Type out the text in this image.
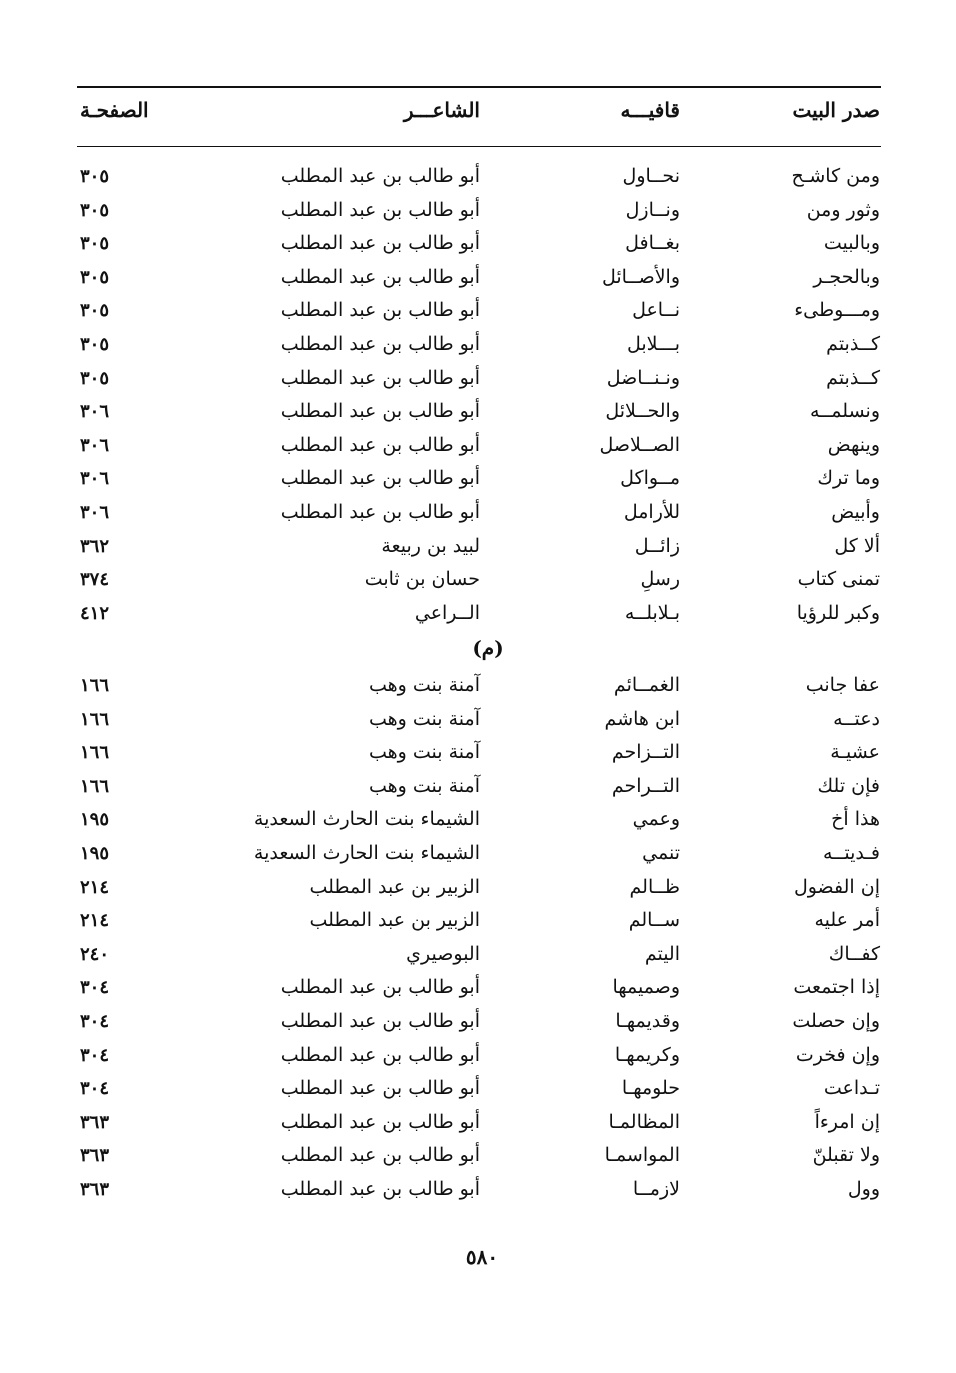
صدر البيت
قافيـــه
الشاعـــر
الصفحـة
ومن كاشـح
نحــاول
أبو طالب بن عبد المطلب
٣٠٥
وثور ومن
ونــازل
أبو طالب بن عبد المطلب
٣٠٥
وبالبيت
بغــافل
أبو طالب بن عبد المطلب
٣٠٥
وبالحجـر
والأصــائل
أبو طالب بن عبد المطلب
٣٠٥
ومـــوطىء
نــاعل
أبو طالب بن عبد المطلب
٣٠٥
كــذبتم
بـــلابل
أبو طالب بن عبد المطلب
٣٠٥
كــذبتم
ونـنــاضل
أبو طالب بن عبد المطلب
٣٠٥
ونسلمــه
والحــلائل
أبو طالب بن عبد المطلب
٣٠٦
وينهض
الصــلاصل
أبو طالب بن عبد المطلب
٣٠٦
وما ترك
مــواكل
أبو طالب بن عبد المطلب
٣٠٦
وأبيض
للأرامل
أبو طالب بن عبد المطلب
٣٠٦
ألا كل
زائــل
لبيد بن ربيعة
٣٦٢
تمنى كتاب
رسلِ
حسان بن ثابت
٣٧٤
وكبر للرؤيا
بـلابلــه
الــراعي
٤١٢
عفا جانب
الغمــائم
آمنة بنت وهب
١٦٦
دعتــه
ابن هاشم
آمنة بنت وهب
١٦٦
عشيـة
التــزاحم
آمنة بنت وهب
١٦٦
فإن تلك
التــراحم
آمنة بنت وهب
١٦٦
هذا أخ
وعمي
الشيماء بنت الحارث السعدية
١٩٥
فـديتــه
تنمي
الشيماء بنت الحارث السعدية
١٩٥
إن الفضول
ظــالم
الزبير بن عبد المطلب
٢١٤
أمر عليه
ســالم
الزبير بن عبد المطلب
٢١٤
كفــاك
اليتم
البوصيري
٢٤٠
إذا اجتمعت
وصميمها
أبو طالب بن عبد المطلب
٣٠٤
وإن حصلت
وقديمهـا
أبو طالب بن عبد المطلب
٣٠٤
وإن فخرت
وكريمهـا
أبو طالب بن عبد المطلب
٣٠٤
تـداعت
حلومهـا
أبو طالب بن عبد المطلب
٣٠٤
إن امرءاً
المظالمـا
أبو طالب بن عبد المطلب
٣٦٣
ولا تقبلنّ
المواسمـا
أبو طالب بن عبد المطلب
٣٦٣
وول
لازمــا
أبو طالب بن عبد المطلب
٣٦٣
(م)
٥٨٠
